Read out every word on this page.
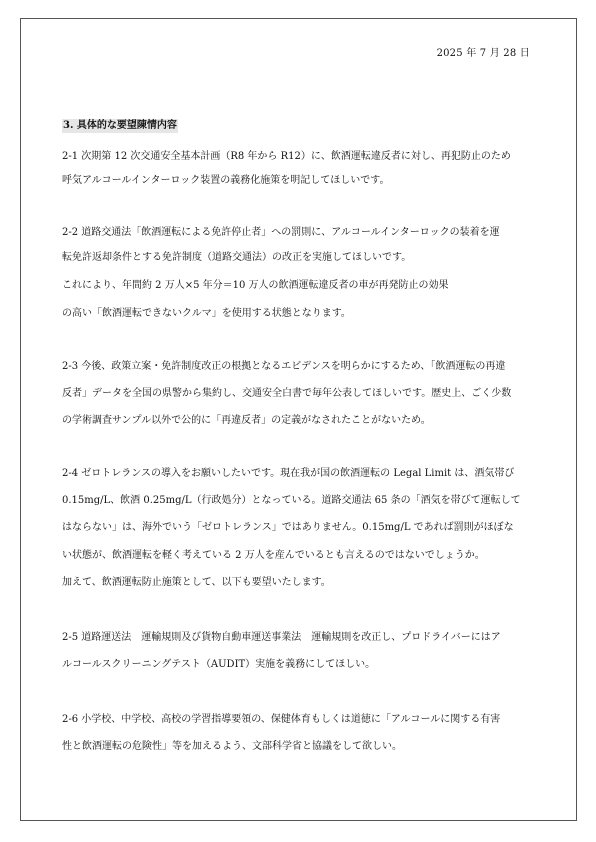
2025 年 7 月 28 日
3. 具体的な要望陳情内容
2-1 次期第 12 次交通安全基本計画（R8 年から R12）に、飲酒運転違反者に対し、再犯防止のため
呼気アルコールインターロック装置の義務化施策を明記してほしいです。
2-2 道路交通法「飲酒運転による免許停止者」への罰則に、アルコールインターロックの装着を運
転免許返却条件とする免許制度（道路交通法）の改正を実施してほしいです。
これにより、年間約 2 万人×5 年分＝10 万人の飲酒運転違反者の車が再発防止の効果
の高い「飲酒運転できないクルマ」を使用する状態となります。
2-3 今後、政策立案・免許制度改正の根拠となるエビデンスを明らかにするため、「飲酒運転の再違
反者」データを全国の県警から集約し、交通安全白書で毎年公表してほしいです。歴史上、ごく少数
の学術調査サンプル以外で公的に「再違反者」の定義がなされたことがないため。
2-4 ゼロトレランスの導入をお願いしたいです。現在我が国の飲酒運転の Legal Limit は、酒気帯び
0.15mg/L、飲酒 0.25mg/L（行政処分）となっている。道路交通法 65 条の「酒気を帯びて運転して
はならない」は、海外でいう「ゼロトレランス」ではありません。0.15mg/L であれば罰則がほぼな
い状態が、飲酒運転を軽く考えている 2 万人を産んでいるとも言えるのではないでしょうか。
加えて、飲酒運転防止施策として、以下も要望いたします。
2-5 道路運送法　運輸規則及び貨物自動車運送事業法　運輸規則を改正し、プロドライバーにはア
ルコールスクリーニングテスト（AUDIT）実施を義務にしてほしい。
2-6 小学校、中学校、高校の学習指導要領の、保健体育もしくは道徳に「アルコールに関する有害
性と飲酒運転の危険性」等を加えるよう、文部科学省と協議をして欲しい。
